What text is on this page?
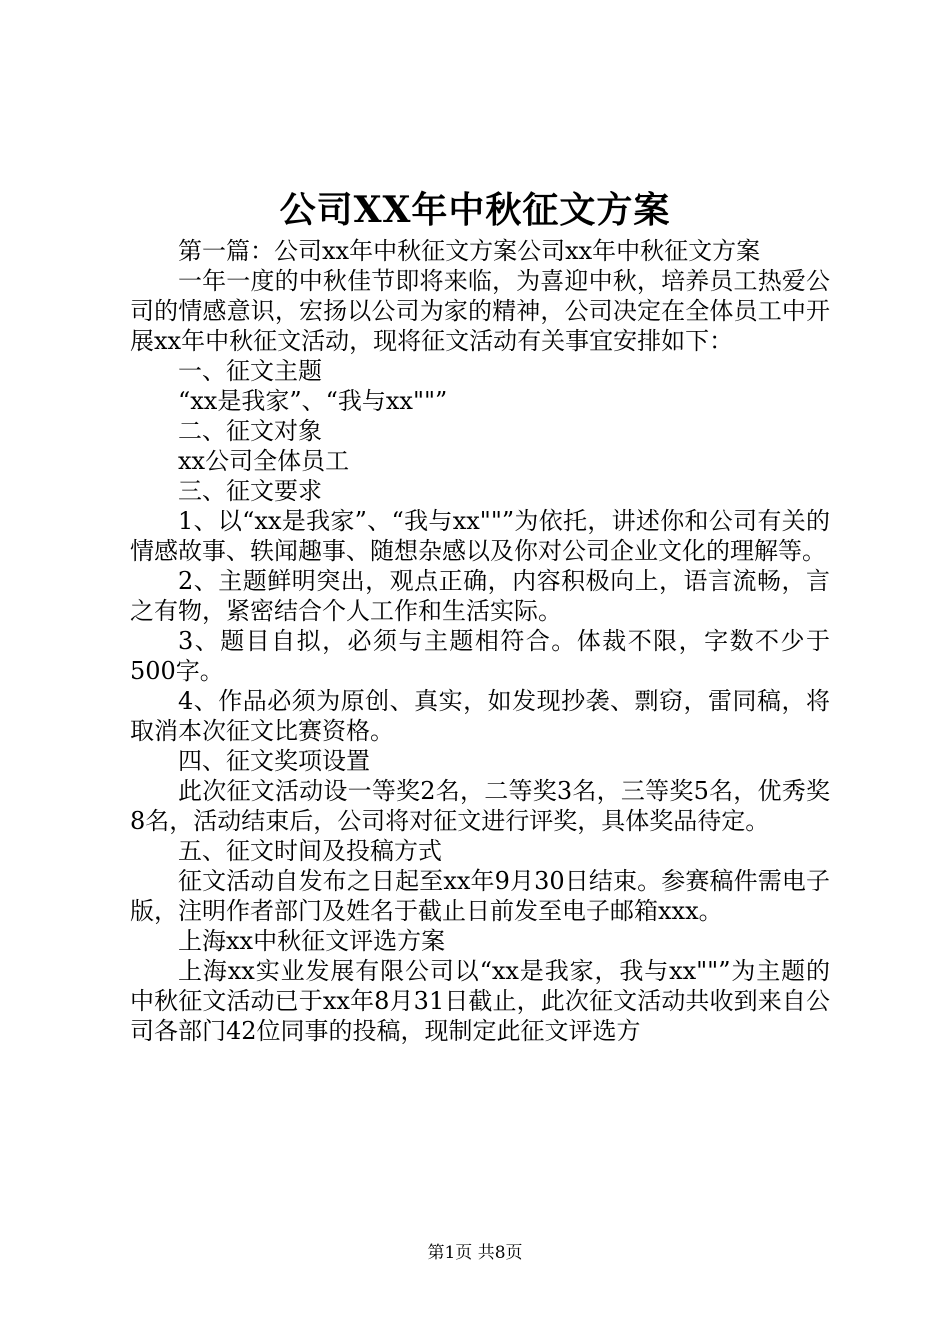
公司XX年中秋征文方案

第一篇：公司xx年中秋征文方案公司xx年中秋征文方案

一年一度的中秋佳节即将来临，为喜迎中秋，培养员工热爱公司的情感意识，宏扬以公司为家的精神，公司决定在全体员工中开展xx年中秋征文活动，现将征文活动有关事宜安排如下：

一、征文主题

“xx是我家”、“我与xx""”

二、征文对象

xx公司全体员工

三、征文要求

1、以“xx是我家”、“我与xx""”为依托，讲述你和公司有关的情感故事、轶闻趣事、随想杂感以及你对公司企业文化的理解等。

2、主题鲜明突出，观点正确，内容积极向上，语言流畅，言之有物，紧密结合个人工作和生活实际。

3、题目自拟，必须与主题相符合。体裁不限，字数不少于500字。

4、作品必须为原创、真实，如发现抄袭、剽窃，雷同稿，将取消本次征文比赛资格。

四、征文奖项设置

此次征文活动设一等奖2名，二等奖3名，三等奖5名，优秀奖8名，活动结束后，公司将对征文进行评奖，具体奖品待定。

五、征文时间及投稿方式

征文活动自发布之日起至xx年9月30日结束。参赛稿件需电子版，注明作者部门及姓名于截止日前发至电子邮箱xxx。

上海xx中秋征文评选方案

上海xx实业发展有限公司以“xx是我家，我与xx""”为主题的中秋征文活动已于xx年8月31日截止，此次征文活动共收到来自公司各部门42位同事的投稿，现制定此征文评选方

第1页 共8页
